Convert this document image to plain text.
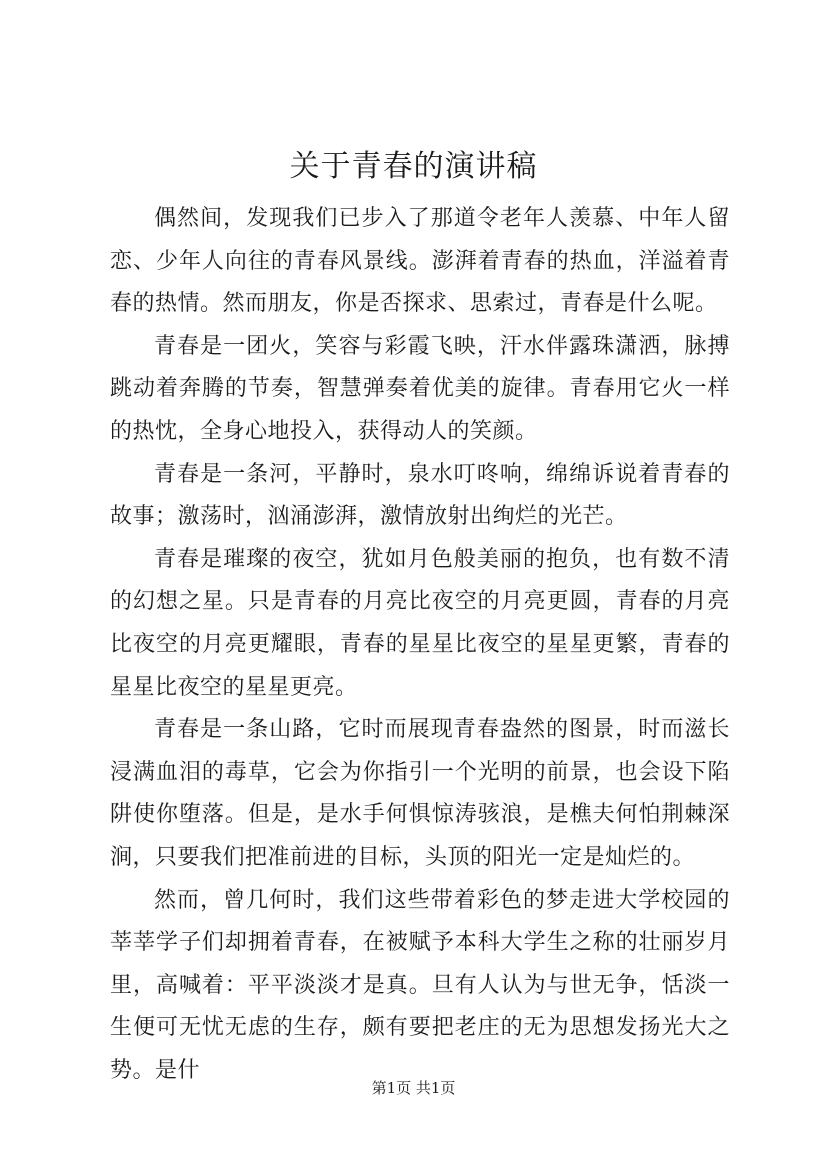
关于青春的演讲稿

偶然间，发现我们已步入了那道令老年人羡慕、中年人留恋、少年人向往的青春风景线。澎湃着青春的热血，洋溢着青春的热情。然而朋友，你是否探求、思索过，青春是什么呢。

青春是一团火，笑容与彩霞飞映，汗水伴露珠潇洒，脉搏跳动着奔腾的节奏，智慧弹奏着优美的旋律。青春用它火一样的热忱，全身心地投入，获得动人的笑颜。

青春是一条河，平静时，泉水叮咚响，绵绵诉说着青春的故事；激荡时，汹涌澎湃，激情放射出绚烂的光芒。

青春是璀璨的夜空，犹如月色般美丽的抱负，也有数不清的幻想之星。只是青春的月亮比夜空的月亮更圆，青春的月亮比夜空的月亮更耀眼，青春的星星比夜空的星星更繁，青春的星星比夜空的星星更亮。

青春是一条山路，它时而展现青春盎然的图景，时而滋长浸满血泪的毒草，它会为你指引一个光明的前景，也会设下陷阱使你堕落。但是，是水手何惧惊涛骇浪，是樵夫何怕荆棘深涧，只要我们把准前进的目标，头顶的阳光一定是灿烂的。

然而，曾几何时，我们这些带着彩色的梦走进大学校园的莘莘学子们却拥着青春，在被赋予本科大学生之称的壮丽岁月里，高喊着：平平淡淡才是真。旦有人认为与世无争，恬淡一生便可无忧无虑的生存，颇有要把老庄的无为思想发扬光大之势。是什

第1页 共1页
